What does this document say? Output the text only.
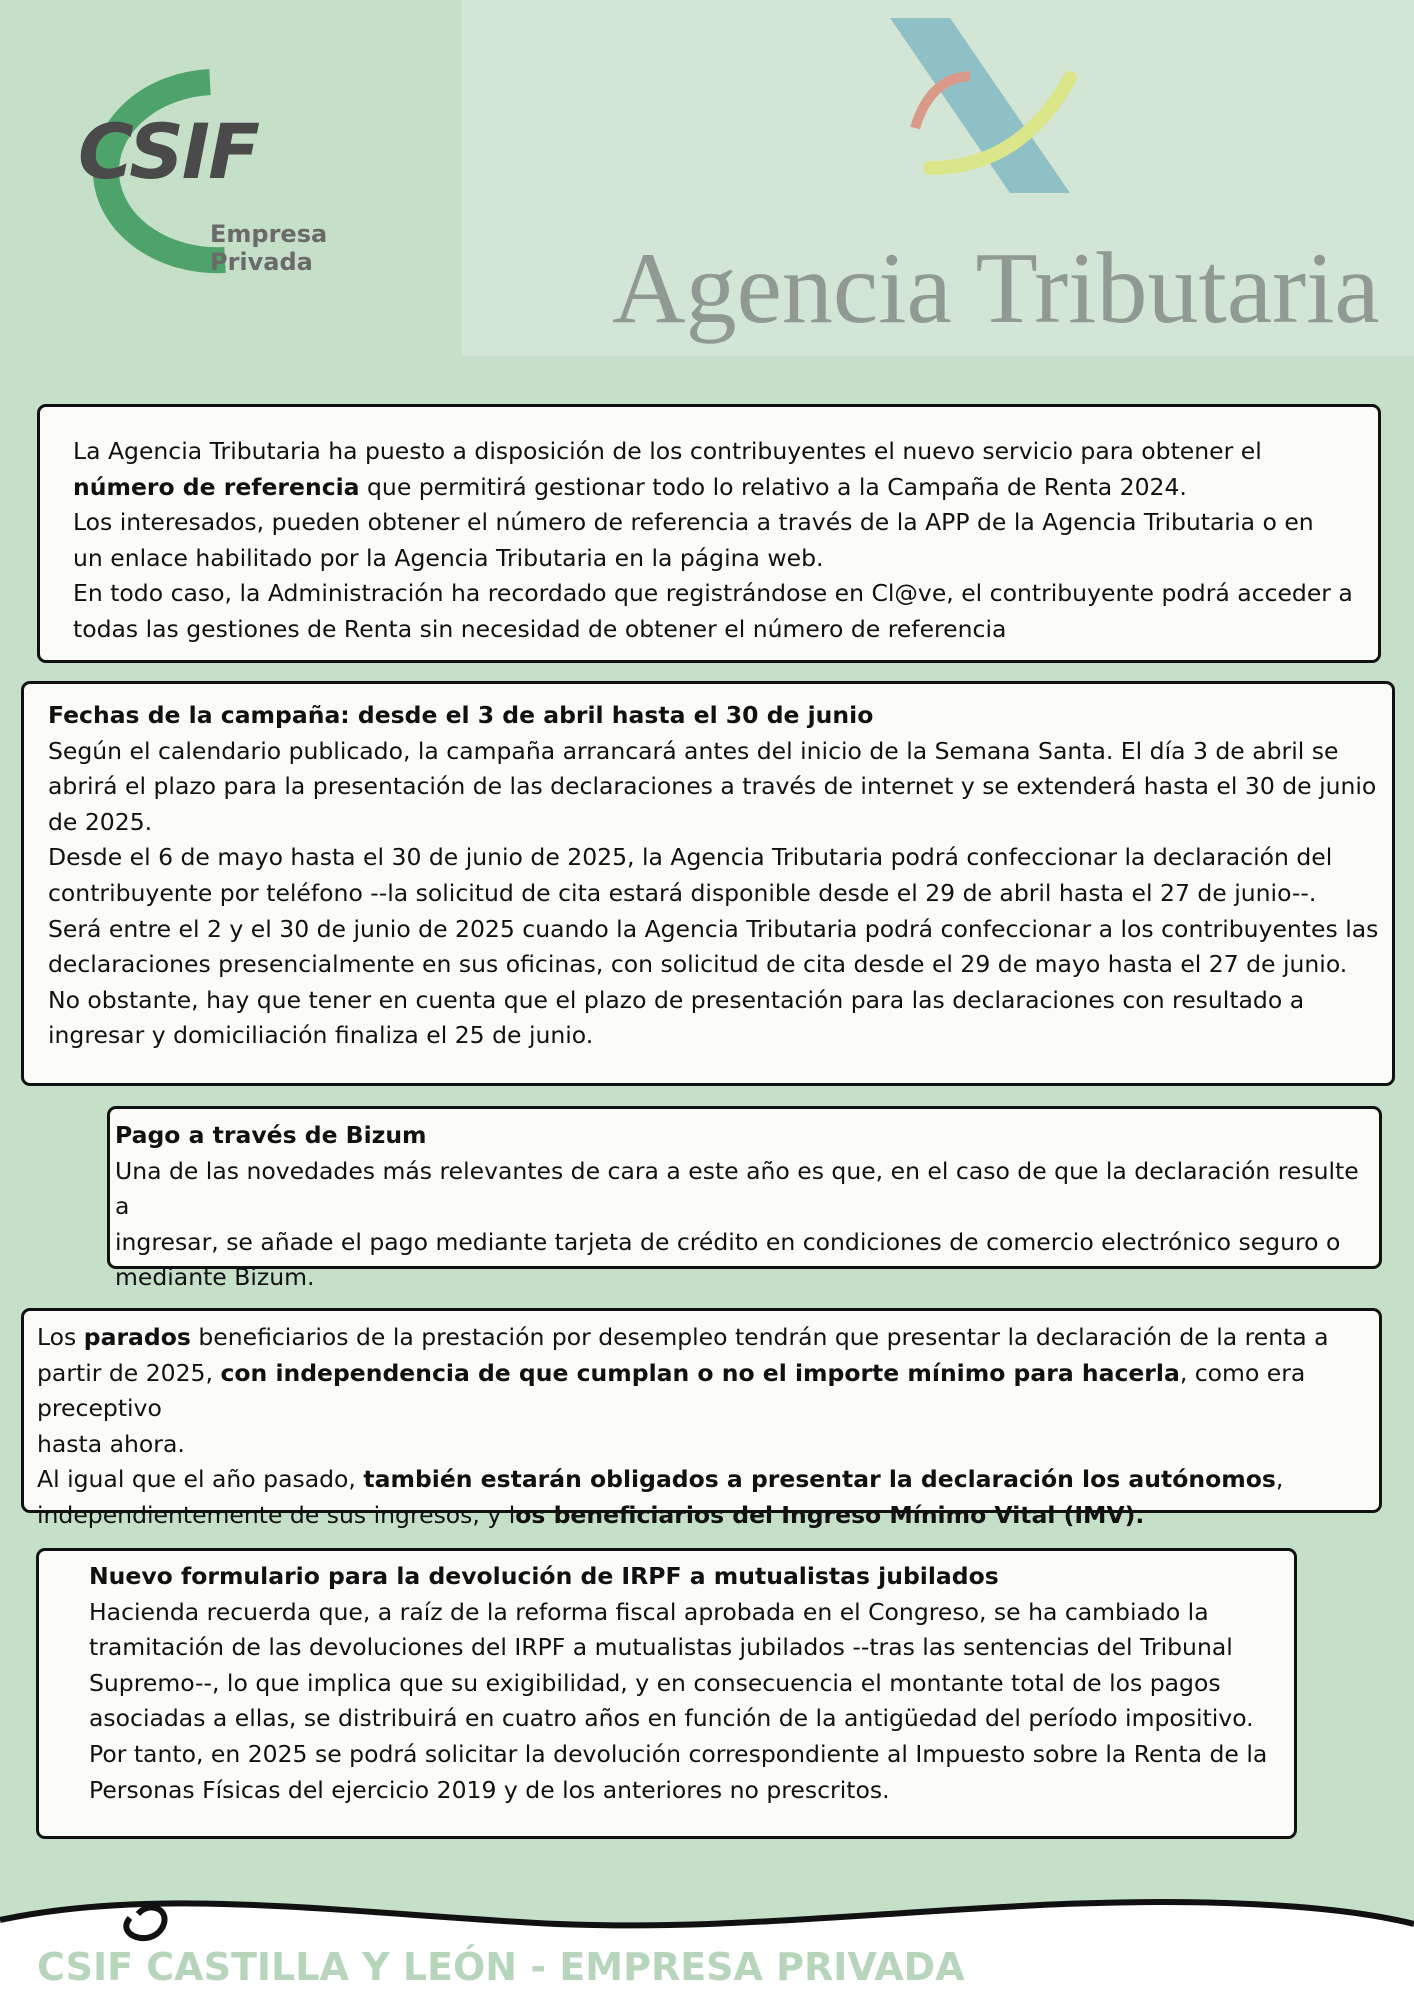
CSIF
Empresa Privada	Agencia Tributaria

La Agencia Tributaria ha puesto a disposición de los contribuyentes el nuevo servicio para obtener el

número de referencia que permitirá gestionar todo lo relativo a la Campaña de Renta 2024.

Los interesados, pueden obtener el número de referencia a través de la APP de la Agencia Tributaria o en

un enlace habilitado por la Agencia Tributaria en la página web.

En todo caso, la Administración ha recordado que registrándose en Cl@ve, el contribuyente podrá acceder a

todas las gestiones de Renta sin necesidad de obtener el número de referencia

Fechas de la campaña: desde el 3 de abril hasta el 30 de junio

Según el calendario publicado, la campaña arrancará antes del inicio de la Semana Santa. El día 3 de abril se

abrirá el plazo para la presentación de las declaraciones a través de internet y se extenderá hasta el 30 de junio

de 2025.

Desde el 6 de mayo hasta el 30 de junio de 2025, la Agencia Tributaria podrá confeccionar la declaración del

contribuyente por teléfono --la solicitud de cita estará disponible desde el 29 de abril hasta el 27 de junio--.

Será entre el 2 y el 30 de junio de 2025 cuando la Agencia Tributaria podrá confeccionar a los contribuyentes las

declaraciones presencialmente en sus oficinas, con solicitud de cita desde el 29 de mayo hasta el 27 de junio.

No obstante, hay que tener en cuenta que el plazo de presentación para las declaraciones con resultado a

ingresar y domiciliación finaliza el 25 de junio.

Pago a través de Bizum

Una de las novedades más relevantes de cara a este año es que, en el caso de que la declaración resulte a

ingresar, se añade el pago mediante tarjeta de crédito en condiciones de comercio electrónico seguro o

mediante Bizum.

Los parados beneficiarios de la prestación por desempleo tendrán que presentar la declaración de la renta a

partir de 2025, con independencia de que cumplan o no el importe mínimo para hacerla, como era preceptivo

hasta ahora.

Al igual que el año pasado, también estarán obligados a presentar la declaración los autónomos,

independientemente de sus ingresos, y los beneficiarios del Ingreso Mínimo Vital (IMV).

Nuevo formulario para la devolución de IRPF a mutualistas jubilados

Hacienda recuerda que, a raíz de la reforma fiscal aprobada en el Congreso, se ha cambiado la

tramitación de las devoluciones del IRPF a mutualistas jubilados --tras las sentencias del Tribunal

Supremo--, lo que implica que su exigibilidad, y en consecuencia el montante total de los pagos

asociadas a ellas, se distribuirá en cuatro años en función de la antigüedad del período impositivo.

Por tanto, en 2025 se podrá solicitar la devolución correspondiente al Impuesto sobre la Renta de la

Personas Físicas del ejercicio 2019 y de los anteriores no prescritos.

CSIF CASTILLA Y LEÓN - EMPRESA PRIVADA
